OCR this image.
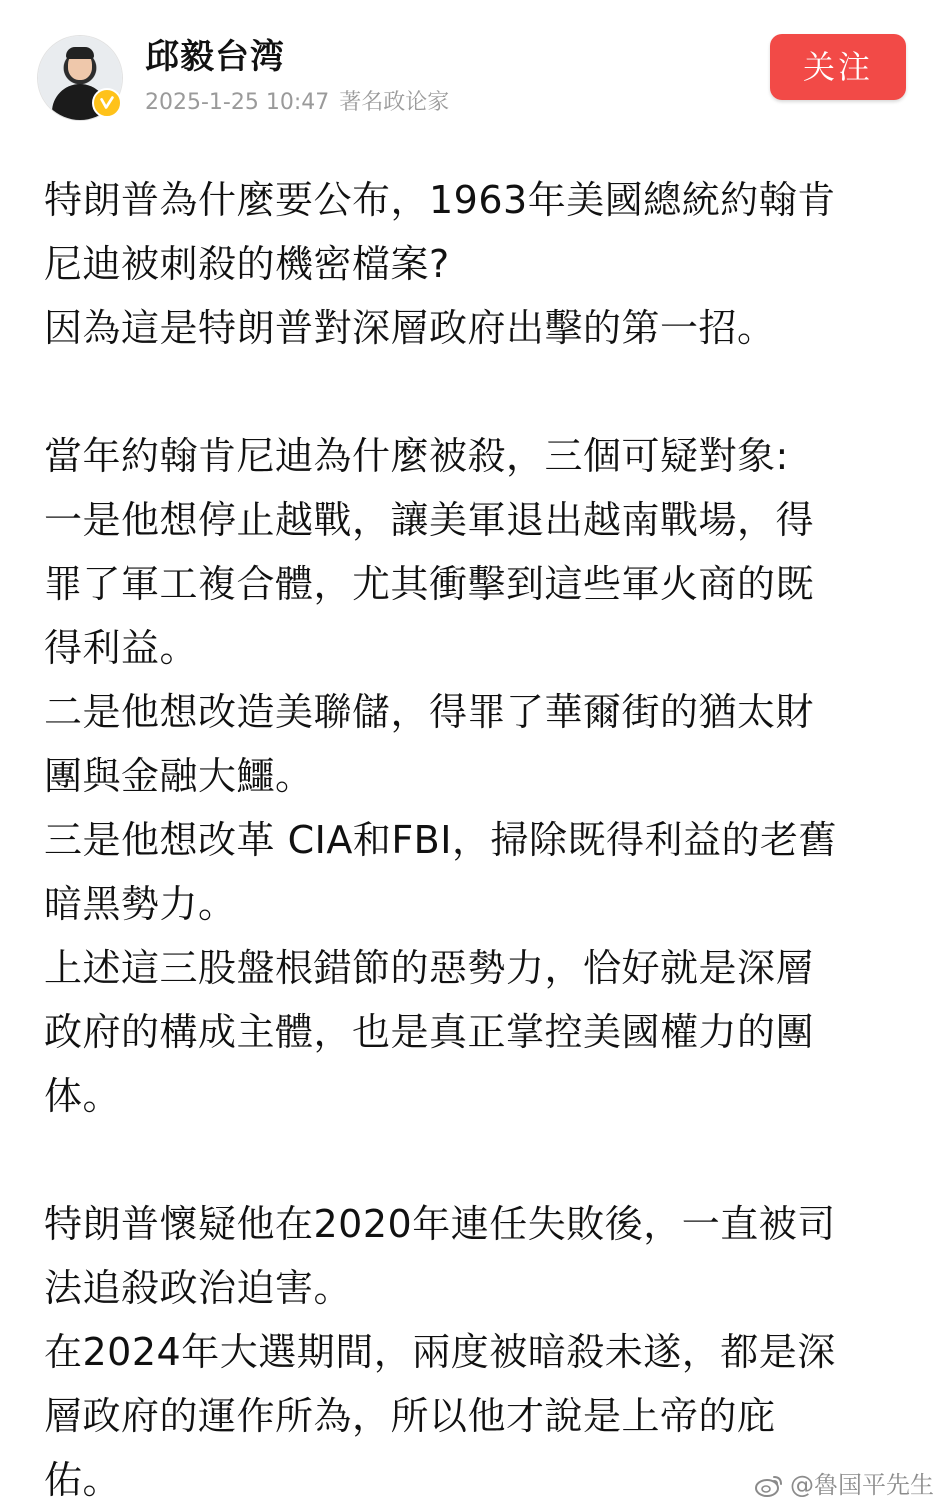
邱毅台湾
2025-1-25 10:47 著名政论家
关注

特朗普為什麼要公布，1963年美國總統約翰肯

尼迪被刺殺的機密檔案?

因為這是特朗普對深層政府出擊的第一招。

當年約翰肯尼迪為什麼被殺，三個可疑對象:

一是他想停止越戰，讓美軍退出越南戰場，得

罪了軍工複合體，尤其衝擊到這些軍火商的既

得利益。

二是他想改造美聯儲，得罪了華爾街的猶太財

團與金融大鱷。

三是他想改革 CIA和FBI，掃除既得利益的老舊

暗黑勢力。

上述這三股盤根錯節的惡勢力，恰好就是深層

政府的構成主體，也是真正掌控美國權力的團

体。

特朗普懷疑他在2020年連任失敗後，一直被司

法追殺政治迫害。

在2024年大選期間，兩度被暗殺未遂，都是深

層政府的運作所為，所以他才說是上帝的庇

佑。	@魯国平先生
